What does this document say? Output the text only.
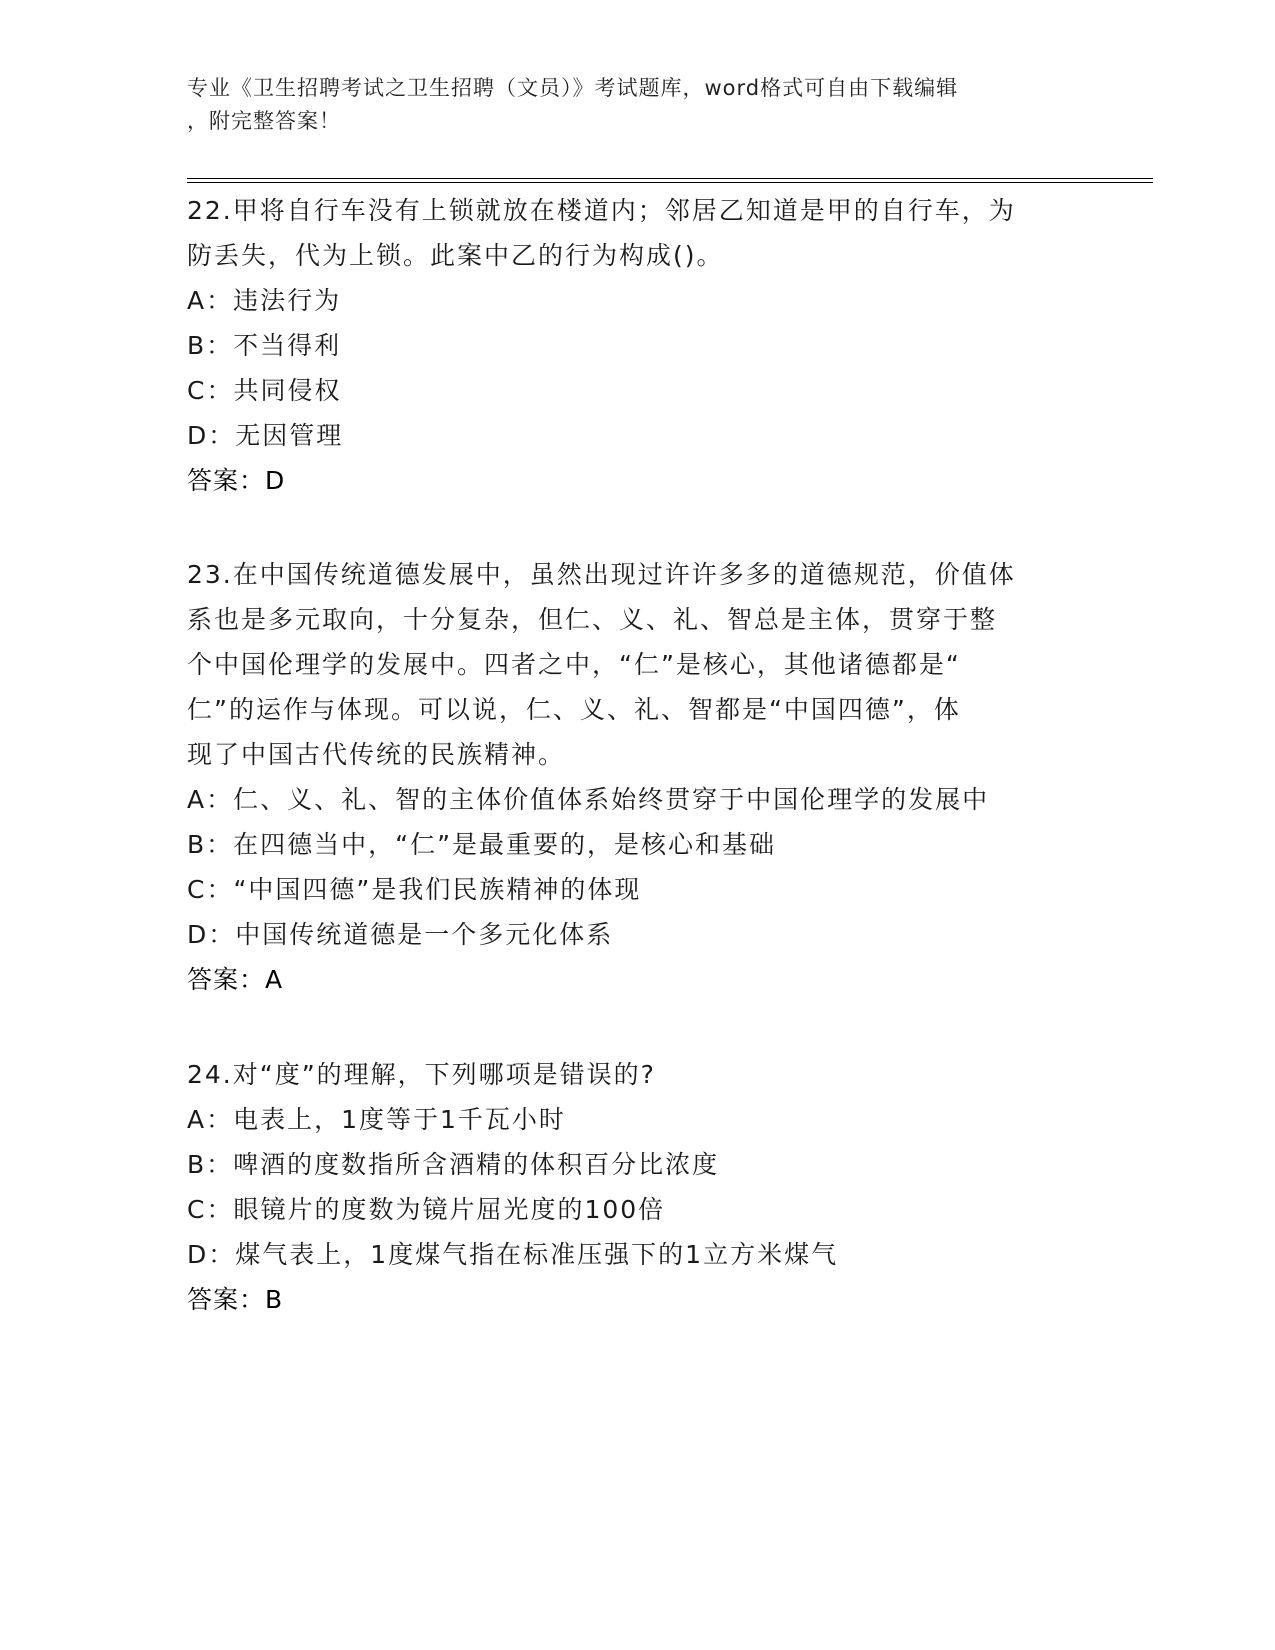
专业《卫生招聘考试之卫生招聘（文员）》考试题库，word格式可自由下载编辑
，附完整答案！
22.甲将自行车没有上锁就放在楼道内；邻居乙知道是甲的自行车，为
防丢失，代为上锁。此案中乙的行为构成()。
A：违法行为
B：不当得利
C：共同侵权
D：无因管理
答案：D
23.在中国传统道德发展中，虽然出现过许许多多的道德规范，价值体
系也是多元取向，十分复杂，但仁、义、礼、智总是主体，贯穿于整
个中国伦理学的发展中。四者之中，“仁”是核心，其他诸德都是“
仁”的运作与体现。可以说，仁、义、礼、智都是“中国四德”，体
现了中国古代传统的民族精神。
A：仁、义、礼、智的主体价值体系始终贯穿于中国伦理学的发展中
B：在四德当中，“仁”是最重要的，是核心和基础
C：“中国四德”是我们民族精神的体现
D：中国传统道德是一个多元化体系
答案：A
24.对“度”的理解，下列哪项是错误的?
A：电表上，1度等于1千瓦小时
B：啤酒的度数指所含酒精的体积百分比浓度
C：眼镜片的度数为镜片屈光度的100倍
D：煤气表上，1度煤气指在标准压强下的1立方米煤气
答案：B
